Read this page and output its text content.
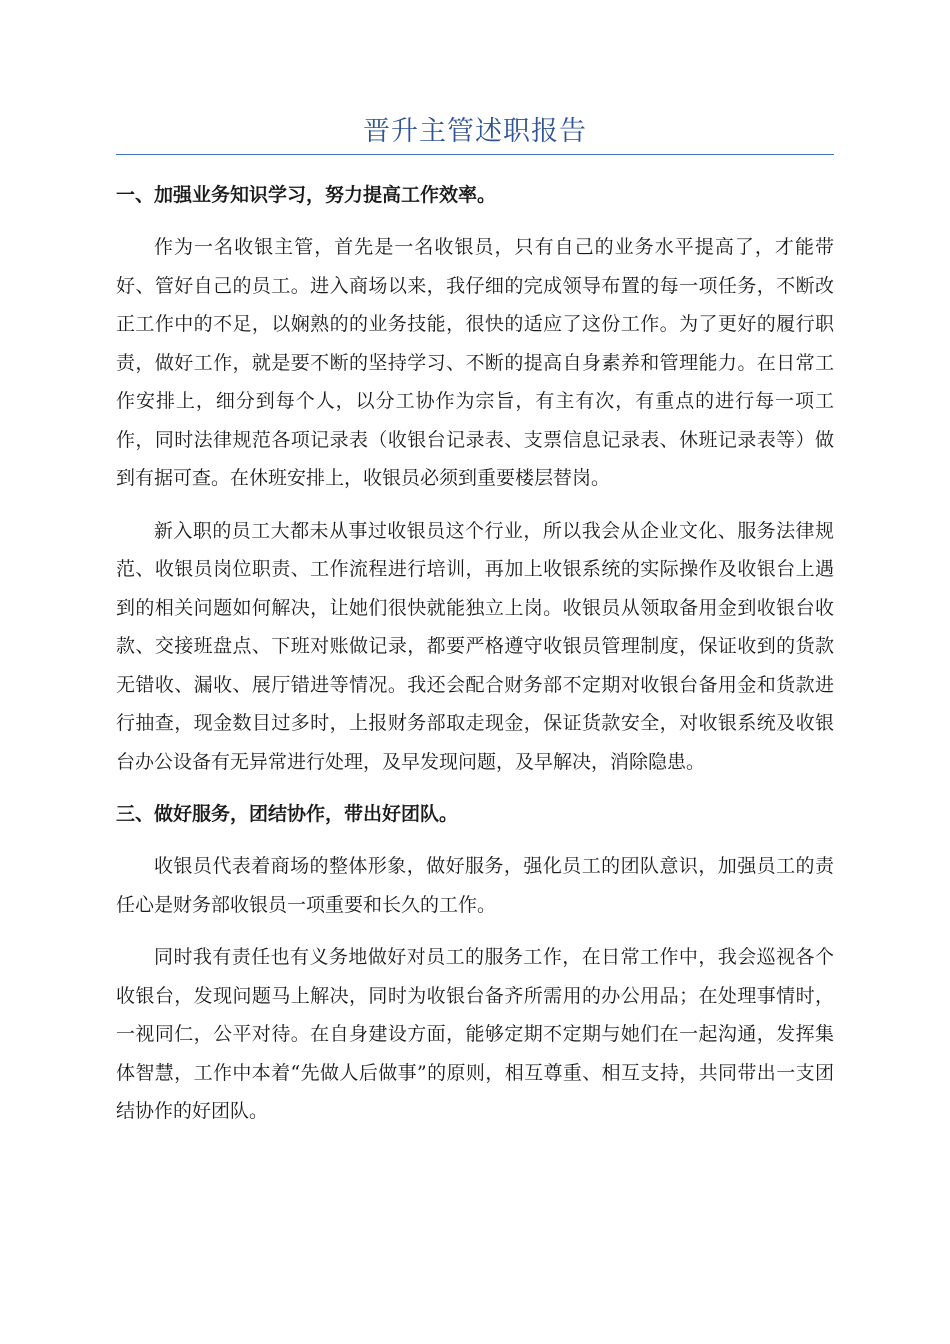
晋升主管述职报告
一、加强业务知识学习，努力提高工作效率。

作为一名收银主管，首先是一名收银员，只有自己的业务水平提高了，才能带好、管好自己的员工。进入商场以来，我仔细的完成领导布置的每一项任务，不断改正工作中的不足，以娴熟的的业务技能，很快的适应了这份工作。为了更好的履行职责，做好工作，就是要不断的坚持学习、不断的提高自身素养和管理能力。在日常工作安排上，细分到每个人，以分工协作为宗旨，有主有次，有重点的进行每一项工作，同时法律规范各项记录表（收银台记录表、支票信息记录表、休班记录表等）做到有据可查。在休班安排上，收银员必须到重要楼层替岗。

新入职的员工大都未从事过收银员这个行业，所以我会从企业文化、服务法律规范、收银员岗位职责、工作流程进行培训，再加上收银系统的实际操作及收银台上遇到的相关问题如何解决，让她们很快就能独立上岗。收银员从领取备用金到收银台收款、交接班盘点、下班对账做记录，都要严格遵守收银员管理制度，保证收到的货款无错收、漏收、展厅错进等情况。我还会配合财务部不定期对收银台备用金和货款进行抽查，现金数目过多时，上报财务部取走现金，保证货款安全，对收银系统及收银台办公设备有无异常进行处理，及早发现问题，及早解决，消除隐患。

三、做好服务，团结协作，带出好团队。

收银员代表着商场的整体形象，做好服务，强化员工的团队意识，加强员工的责任心是财务部收银员一项重要和长久的工作。

同时我有责任也有义务地做好对员工的服务工作，在日常工作中，我会巡视各个收银台，发现问题马上解决，同时为收银台备齐所需用的办公用品；在处理事情时，一视同仁，公平对待。在自身建设方面，能够定期不定期与她们在一起沟通，发挥集体智慧，工作中本着“先做人后做事”的原则，相互尊重、相互支持，共同带出一支团结协作的好团队。
